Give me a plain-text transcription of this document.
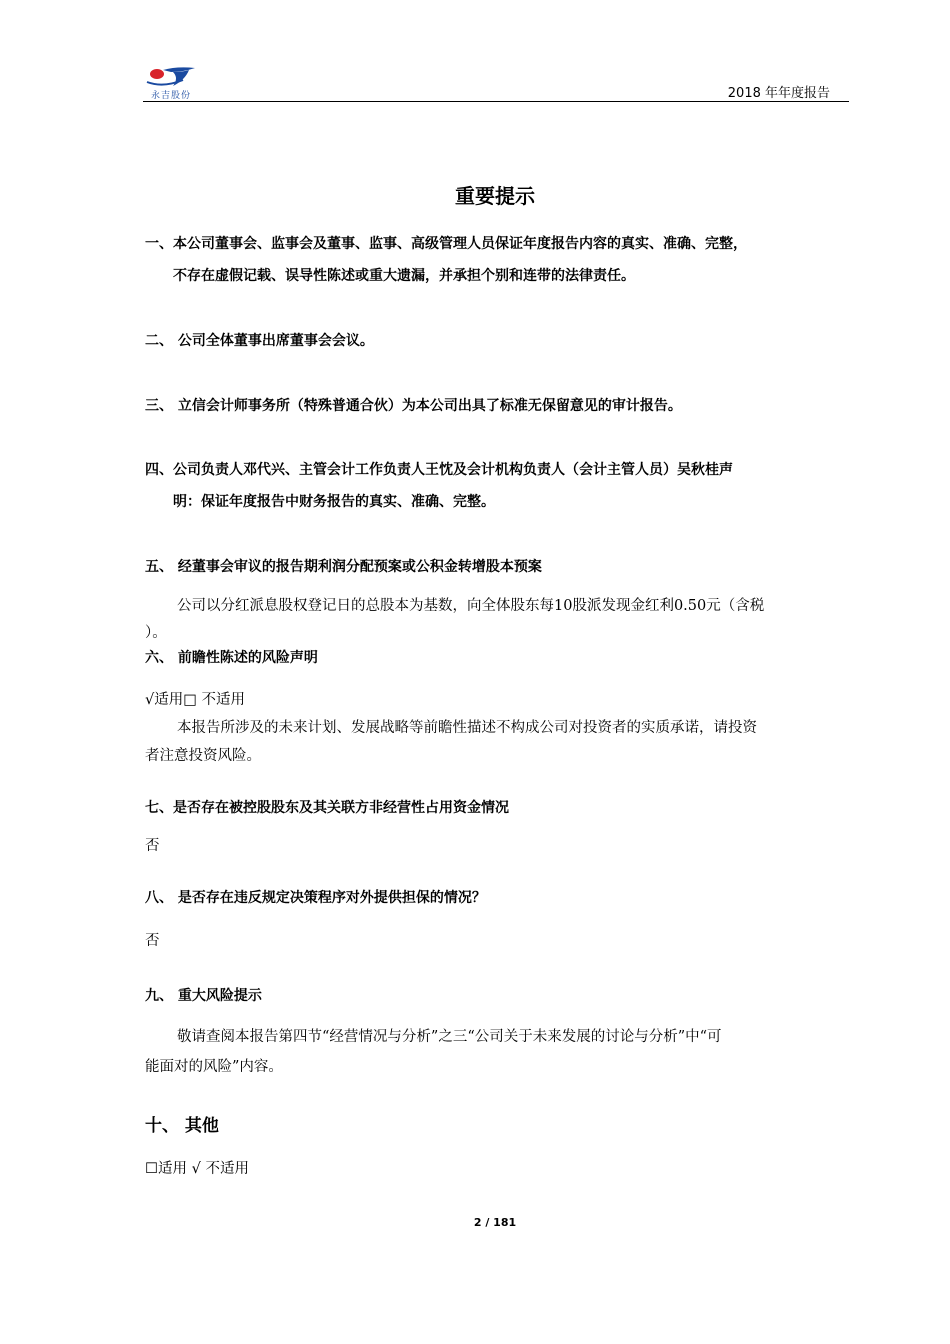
永吉股份	2018 年年度报告
重要提示
一、本公司董事会、监事会及董事、监事、高级管理人员保证年度报告内容的真实、准确、完整，
不存在虚假记载、误导性陈述或重大遗漏，并承担个别和连带的法律责任。
二、 公司全体董事出席董事会会议。
三、 立信会计师事务所（特殊普通合伙）为本公司出具了标准无保留意见的审计报告。
四、公司负责人邓代兴、主管会计工作负责人王忱及会计机构负责人（会计主管人员）吴秋桂声
明：保证年度报告中财务报告的真实、准确、完整。
五、 经董事会审议的报告期利润分配预案或公积金转增股本预案
公司以分红派息股权登记日的总股本为基数，向全体股东每10股派发现金红利0.50元（含税
）。
六、 前瞻性陈述的风险声明
√适用□ 不适用
本报告所涉及的未来计划、发展战略等前瞻性描述不构成公司对投资者的实质承诺，请投资
者注意投资风险。
七、是否存在被控股股东及其关联方非经营性占用资金情况
否
八、 是否存在违反规定决策程序对外提供担保的情况？
否
九、 重大风险提示
敬请查阅本报告第四节“经营情况与分析”之三“公司关于未来发展的讨论与分析”中“可
能面对的风险”内容。
十、 其他
☐适用 √ 不适用
2 / 181
